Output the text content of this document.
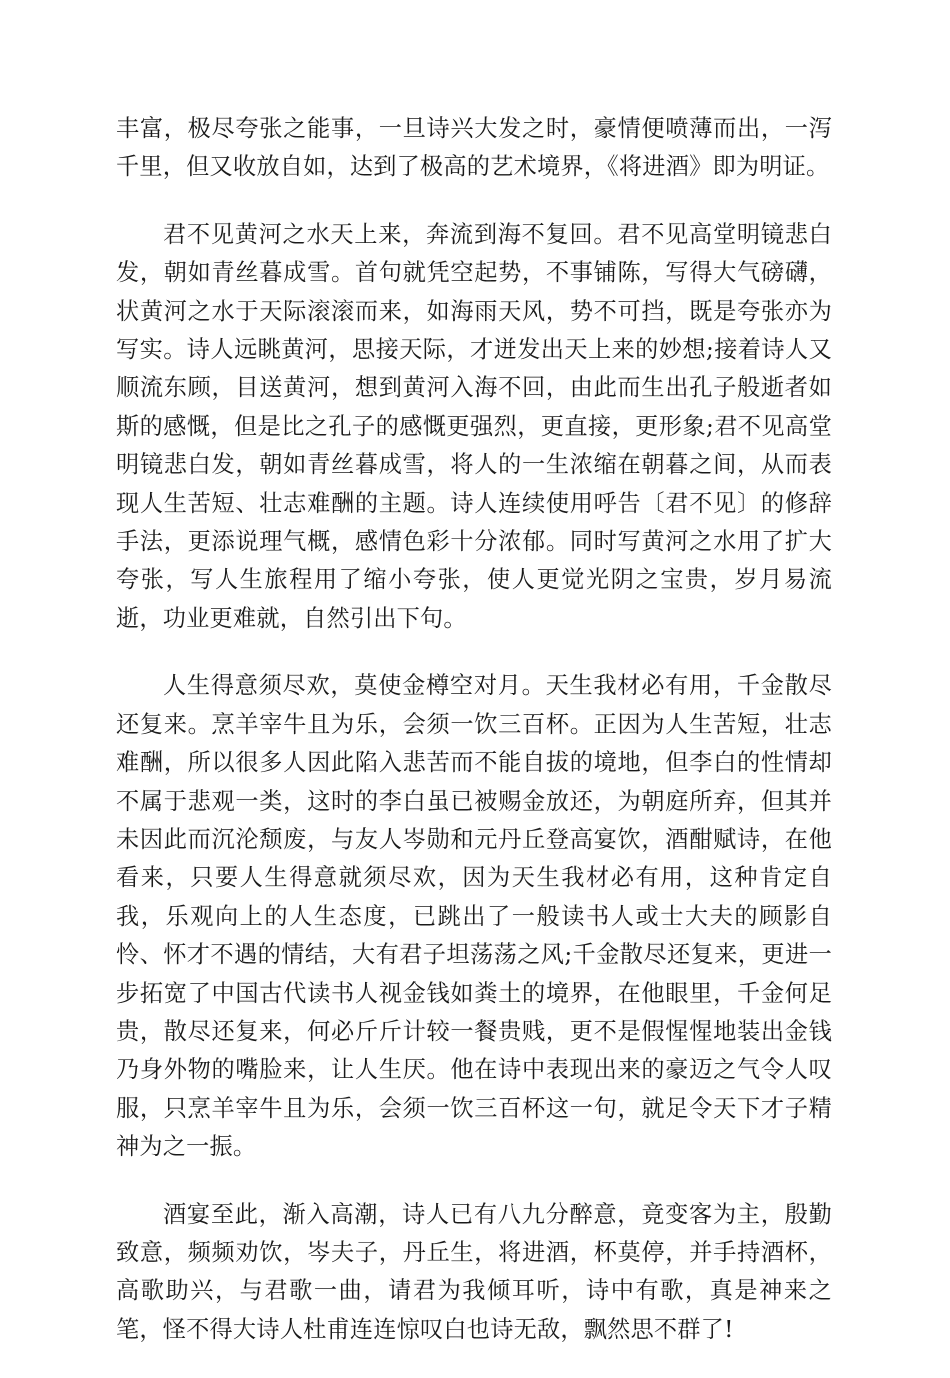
丰富，极尽夸张之能事，一旦诗兴大发之时，豪情便喷薄而出，一泻千里，但又收放自如，达到了极高的艺术境界，《将进酒》即为明证。

君不见黄河之水天上来，奔流到海不复回。君不见高堂明镜悲白发，朝如青丝暮成雪。首句就凭空起势，不事铺陈，写得大气磅礴，状黄河之水于天际滚滚而来，如海雨天风，势不可挡，既是夸张亦为写实。诗人远眺黄河，思接天际，才迸发出天上来的妙想;接着诗人又顺流东顾，目送黄河，想到黄河入海不回，由此而生出孔子般逝者如斯的感慨，但是比之孔子的感慨更强烈，更直接，更形象;君不见高堂明镜悲白发，朝如青丝暮成雪，将人的一生浓缩在朝暮之间，从而表现人生苦短、壮志难酬的主题。诗人连续使用呼告〔君不见〕的修辞手法，更添说理气概，感情色彩十分浓郁。同时写黄河之水用了扩大夸张，写人生旅程用了缩小夸张，使人更觉光阴之宝贵，岁月易流逝，功业更难就，自然引出下句。

人生得意须尽欢，莫使金樽空对月。天生我材必有用，千金散尽还复来。烹羊宰牛且为乐，会须一饮三百杯。正因为人生苦短，壮志难酬，所以很多人因此陷入悲苦而不能自拔的境地，但李白的性情却不属于悲观一类，这时的李白虽已被赐金放还，为朝庭所弃，但其并未因此而沉沦颓废，与友人岑勋和元丹丘登高宴饮，酒酣赋诗，在他看来，只要人生得意就须尽欢，因为天生我材必有用，这种肯定自我，乐观向上的人生态度，已跳出了一般读书人或士大夫的顾影自怜、怀才不遇的情结，大有君子坦荡荡之风;千金散尽还复来，更进一步拓宽了中国古代读书人视金钱如粪土的境界，在他眼里，千金何足贵，散尽还复来，何必斤斤计较一餐贵贱，更不是假惺惺地装出金钱乃身外物的嘴脸来，让人生厌。他在诗中表现出来的豪迈之气令人叹服，只烹羊宰牛且为乐，会须一饮三百杯这一句，就足令天下才子精神为之一振。

酒宴至此，渐入高潮，诗人已有八九分醉意，竟变客为主，殷勤致意，频频劝饮，岑夫子，丹丘生，将进酒，杯莫停，并手持酒杯，高歌助兴，与君歌一曲，请君为我倾耳听，诗中有歌，真是神来之笔，怪不得大诗人杜甫连连惊叹白也诗无敌，飘然思不群了!
